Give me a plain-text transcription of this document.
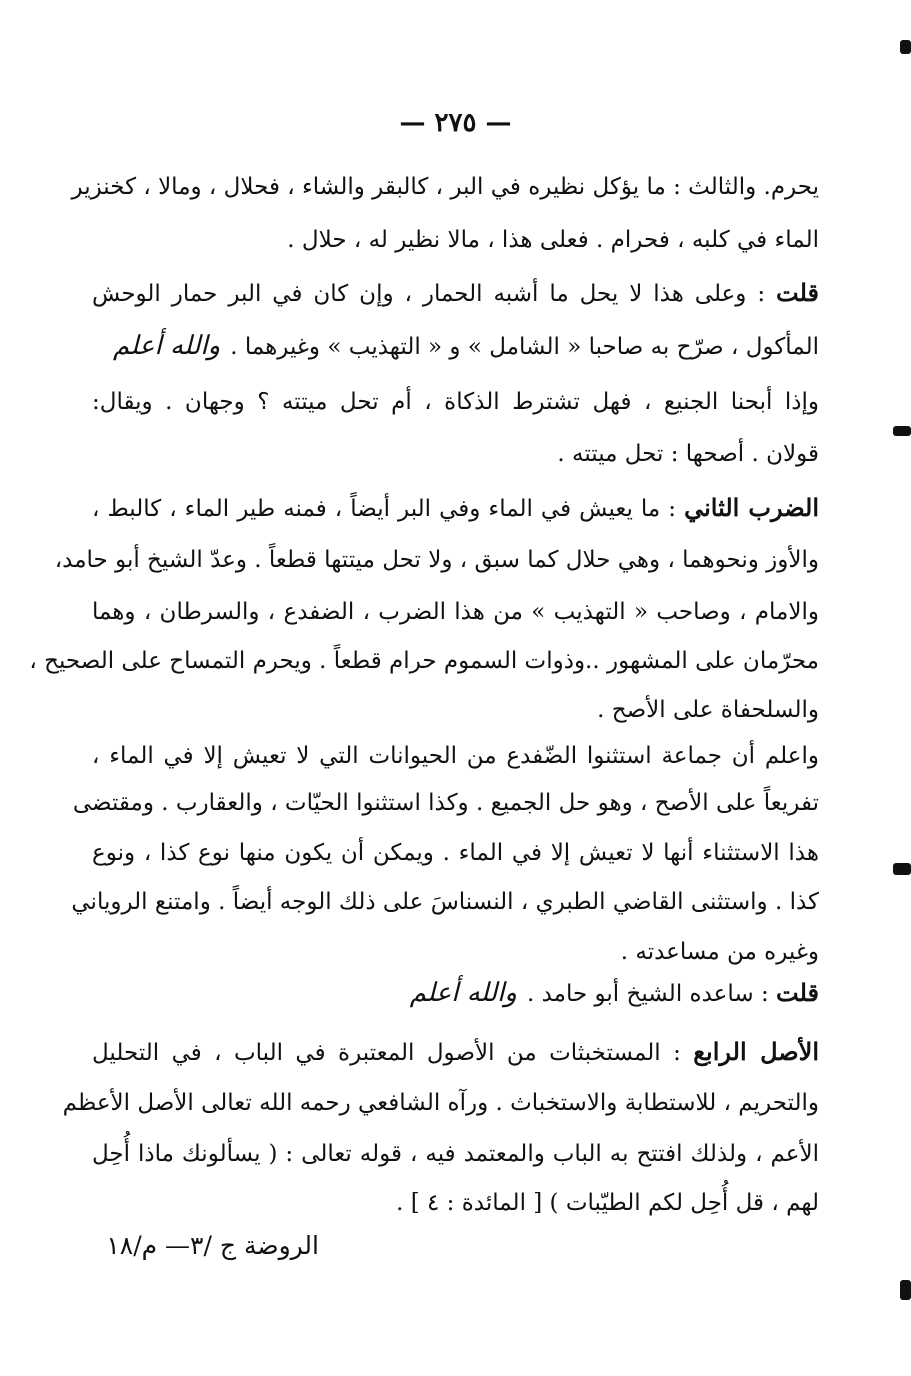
— ٢٧٥ —
يحرم. والثالث : ما يؤكل نظيره في البر ، كالبقر والشاء ، فحلال ، ومالا ، كخنزير
الماء في كلبه ، فحرام . فعلى هذا ، مالا نظير له ، حلال .
قلت : وعلى هذا لا يحل ما أشبه الحمار ، وإن كان في البر حمار الوحش
المأكول ، صرّح به صاحبا « الشامل » و « التهذيب » وغيرهما .والله أعلم
وإذا أبحنا الجنيع ، فهل تشترط الذكاة ، أم تحل ميتته ؟ وجهان . ويقال:
قولان . أصحها : تحل ميتته .
الضرب الثاني : ما يعيش في الماء وفي البر أيضاً ، فمنه طير الماء ، كالبط ،
والأوز ونحوهما ، وهي حلال كما سبق ، ولا تحل ميتتها قطعاً . وعدّ الشيخ أبو حامد،
والامام ، وصاحب « التهذيب » من هذا الضرب ، الضفدع ، والسرطان ، وهما
محرّمان على المشهور ..وذوات السموم حرام قطعاً . ويحرم التمساح على الصحيح ،
والسلحفاة على الأصح .
واعلم أن جماعة استثنوا الضّفدع من الحيوانات التي لا تعيش إلا في الماء ،
تفريعاً على الأصح ، وهو حل الجميع . وكذا استثنوا الحيّات ، والعقارب . ومقتضى
هذا الاستثناء أنها لا تعيش إلا في الماء . ويمكن أن يكون منها نوع كذا ، ونوع
كذا . واستثنى القاضي الطبري ، النسناسَ على ذلك الوجه أيضاً . وامتنع الروياني
وغيره من مساعدته .
قلت : ساعده الشيخ أبو حامد .والله أعلم
الأصل الرابع : المستخبثات من الأصول المعتبرة في الباب ، في التحليل
والتحريم ، للاستطابة والاستخباث . ورآه الشافعي رحمه الله تعالى الأصل الأعظم
الأعم ، ولذلك افتتح به الباب والمعتمد فيه ، قوله تعالى : ( يسألونك ماذا أُحِل
لهم ، قل أُحِل لكم الطيّبات ) [ المائدة : ٤ ] .
الروضة ج /٣— م/١٨
